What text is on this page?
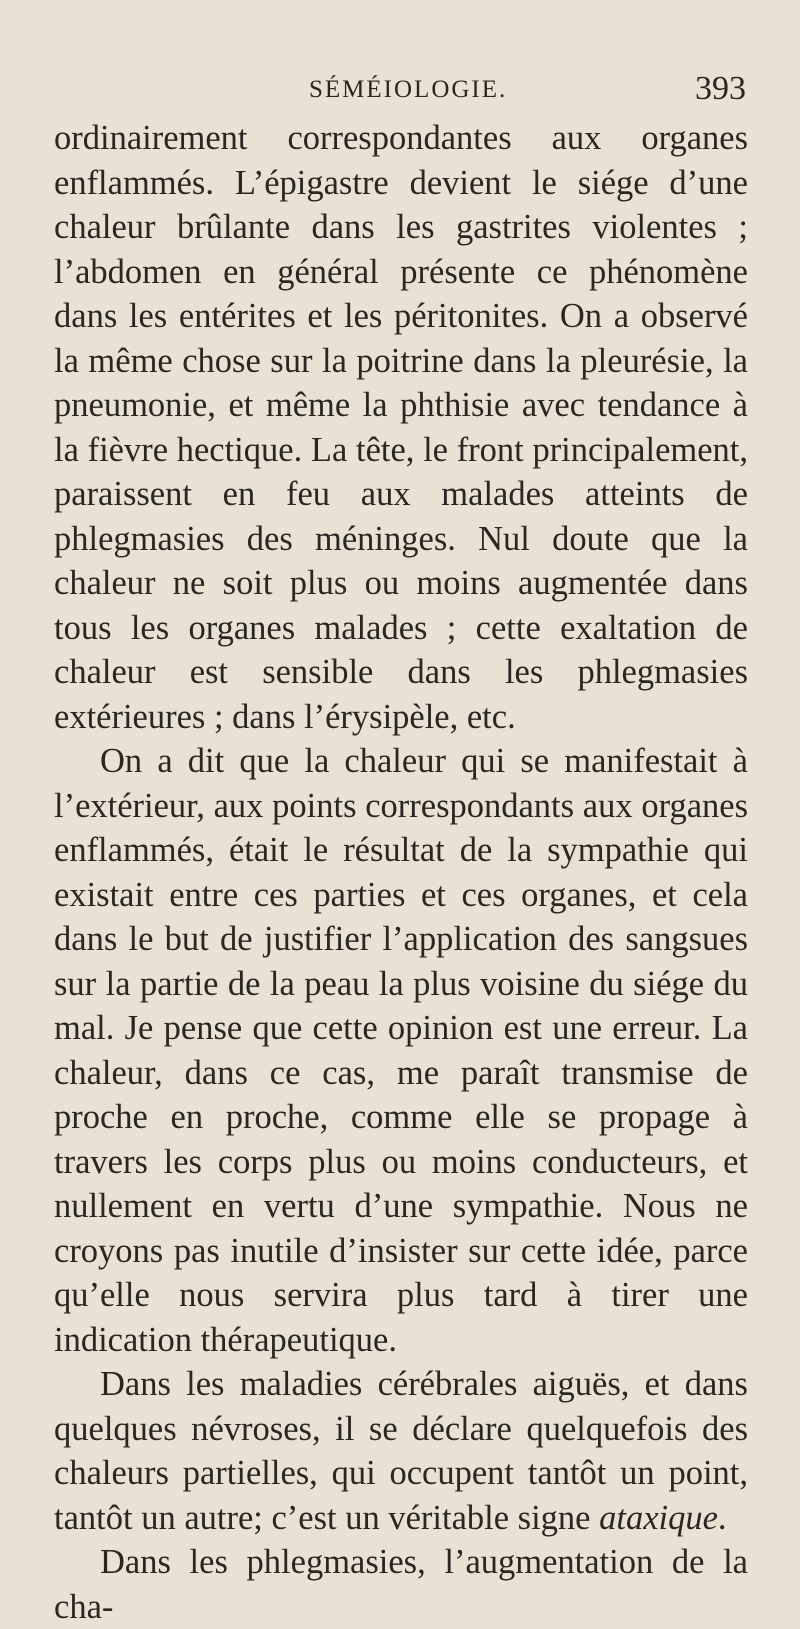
SÉMÉIOLOGIE.	393

ordinairement correspondantes aux organes enflammés. L’épigastre devient le siége d’une chaleur brûlante dans les gastrites violentes ; l’abdomen en général présente ce phénomène dans les entérites et les péritonites. On a observé la même chose sur la poitrine dans la pleurésie, la pneumonie, et même la phthisie avec tendance à la fièvre hectique. La tête, le front principalement, paraissent en feu aux malades atteints de phlegmasies des méninges. Nul doute que la chaleur ne soit plus ou moins augmentée dans tous les organes malades ; cette exaltation de chaleur est sensible dans les phlegmasies extérieures ; dans l’érysipèle, etc.

On a dit que la chaleur qui se manifestait à l’extérieur, aux points correspondants aux organes enflammés, était le résultat de la sympathie qui existait entre ces parties et ces organes, et cela dans le but de justifier l’application des sangsues sur la partie de la peau la plus voisine du siége du mal. Je pense que cette opinion est une erreur. La chaleur, dans ce cas, me paraît transmise de proche en proche, comme elle se propage à travers les corps plus ou moins conducteurs, et nullement en vertu d’une sympathie. Nous ne croyons pas inutile d’insister sur cette idée, parce qu’elle nous servira plus tard à tirer une indication thérapeutique.

Dans les maladies cérébrales aiguës, et dans quelques névroses, il se déclare quelquefois des chaleurs partielles, qui occupent tantôt un point, tantôt un autre; c’est un véritable signe ataxique.

Dans les phlegmasies, l’augmentation de la cha-
